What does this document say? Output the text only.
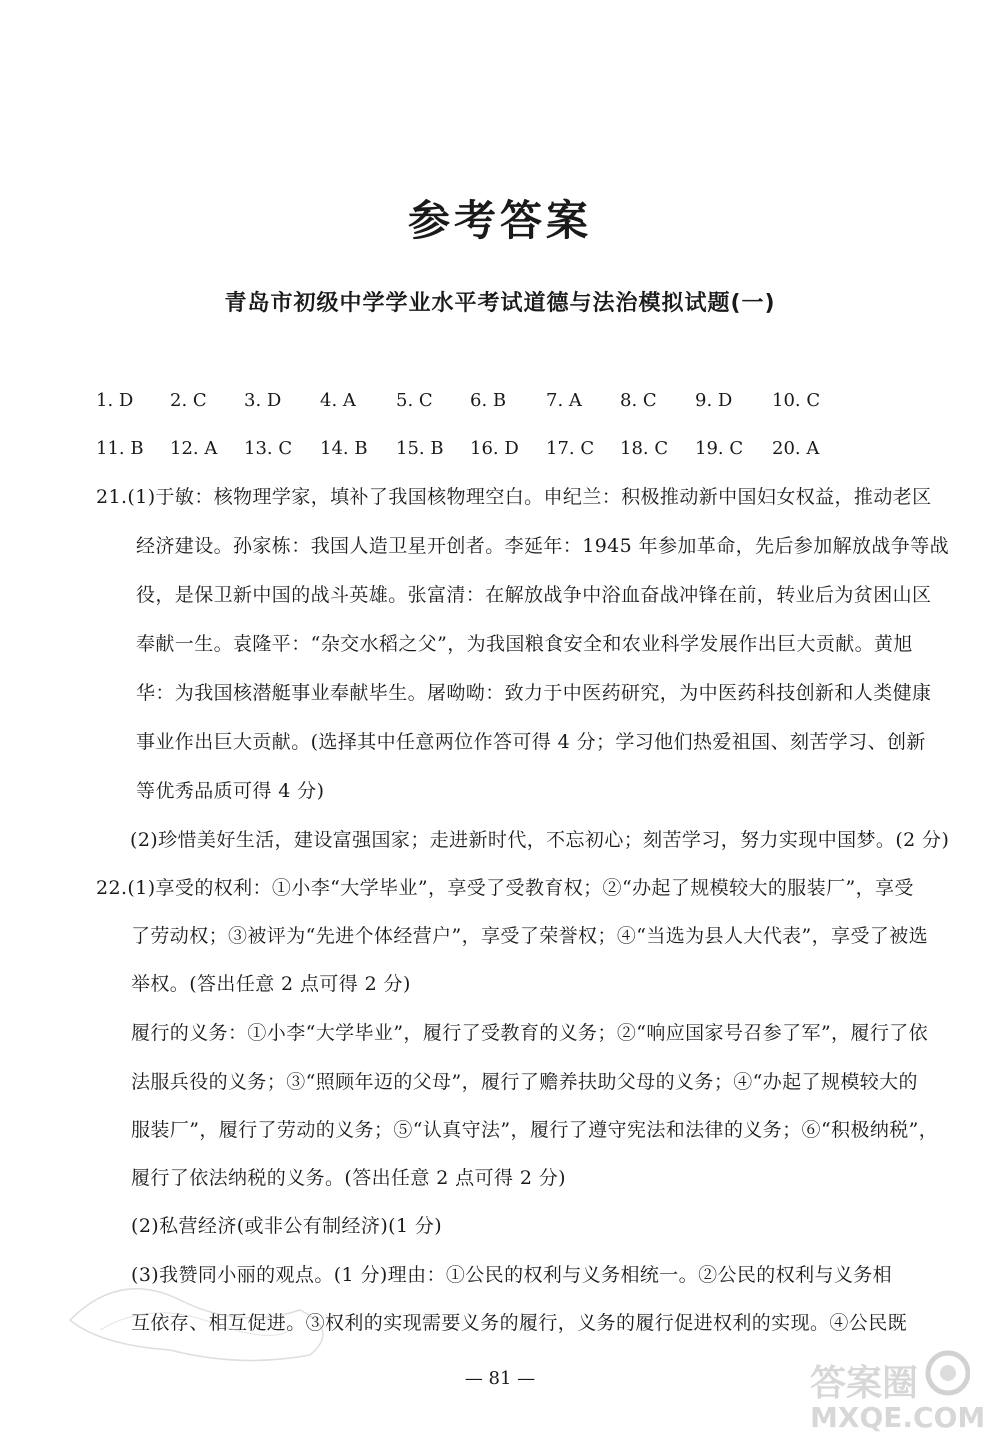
参考答案
青岛市初级中学学业水平考试道德与法治模拟试题(一)
1. D 2. C 3. D 4. A 5. C 6. B 7. A 8. C 9. D 10. C
11. B 12. A 13. C 14. B 15. B 16. D 17. C 18. C 19. C 20. A
21.(1)于敏：核物理学家，填补了我国核物理空白。申纪兰：积极推动新中国妇女权益，推动老区
经济建设。孙家栋：我国人造卫星开创者。李延年：1945 年参加革命，先后参加解放战争等战
役，是保卫新中国的战斗英雄。张富清：在解放战争中浴血奋战冲锋在前，转业后为贫困山区
奉献一生。袁隆平：“杂交水稻之父”，为我国粮食安全和农业科学发展作出巨大贡献。黄旭
华：为我国核潜艇事业奉献毕生。屠呦呦：致力于中医药研究，为中医药科技创新和人类健康
事业作出巨大贡献。(选择其中任意两位作答可得 4 分；学习他们热爱祖国、刻苦学习、创新
等优秀品质可得 4 分)
(2)珍惜美好生活，建设富强国家；走进新时代，不忘初心；刻苦学习，努力实现中国梦。(2 分)
22.(1)享受的权利：①小李“大学毕业”，享受了受教育权；②“办起了规模较大的服装厂”，享受
了劳动权；③被评为“先进个体经营户”，享受了荣誉权；④“当选为县人大代表”，享受了被选
举权。(答出任意 2 点可得 2 分)
履行的义务：①小李“大学毕业”，履行了受教育的义务；②“响应国家号召参了军”，履行了依
法服兵役的义务；③“照顾年迈的父母”，履行了赡养扶助父母的义务；④“办起了规模较大的
服装厂”，履行了劳动的义务；⑤“认真守法”，履行了遵守宪法和法律的义务；⑥“积极纳税”，
履行了依法纳税的义务。(答出任意 2 点可得 2 分)
(2)私营经济(或非公有制经济)(1 分)
(3)我赞同小丽的观点。(1 分)理由：①公民的权利与义务相统一。②公民的权利与义务相
互依存、相互促进。③权利的实现需要义务的履行，义务的履行促进权利的实现。④公民既
— 81 —	答案圈
MXQE.COM
